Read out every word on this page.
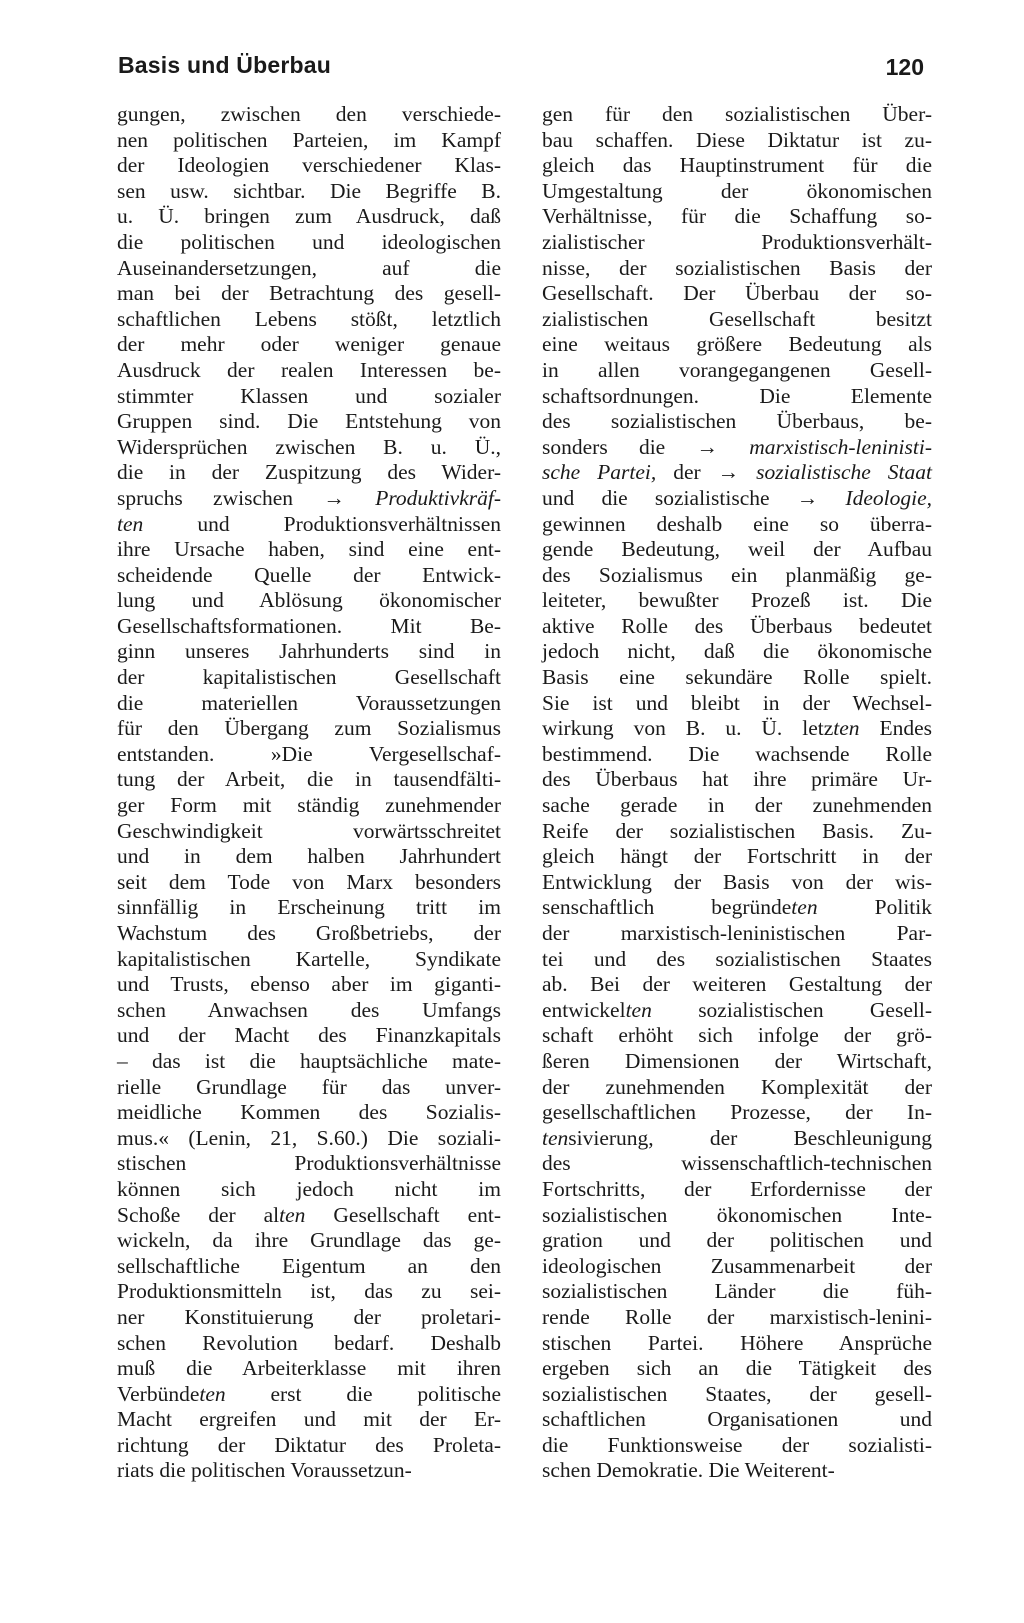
Basis und Überbau	120
gungen, zwischen den verschiede-
nen politischen Parteien, im Kampf
der Ideologien verschiedener Klas-
sen usw. sichtbar. Die Begriffe B.
u. Ü. bringen zum Ausdruck, daß
die politischen und ideologischen
Auseinandersetzungen, auf die
man bei der Betrachtung des gesell-
schaftlichen Lebens stößt, letztlich
der mehr oder weniger genaue
Ausdruck der realen Interessen be-
stimmter Klassen und sozialer
Gruppen sind. Die Entstehung von
Widersprüchen zwischen B. u. Ü.,
die in der Zuspitzung des Wider-
spruchs zwischen → Produktivkräf-
ten und Produktionsverhältnissen
ihre Ursache haben, sind eine ent-
scheidende Quelle der Entwick-
lung und Ablösung ökonomischer
Gesellschaftsformationen. Mit Be-
ginn unseres Jahrhunderts sind in
der kapitalistischen Gesellschaft
die materiellen Voraussetzungen
für den Übergang zum Sozialismus
entstanden. »Die Vergesellschaf-
tung der Arbeit, die in tausendfälti-
ger Form mit ständig zunehmender
Geschwindigkeit vorwärtsschreitet
und in dem halben Jahrhundert
seit dem Tode von Marx besonders
sinnfällig in Erscheinung tritt im
Wachstum des Großbetriebs, der
kapitalistischen Kartelle, Syndikate
und Trusts, ebenso aber im giganti-
schen Anwachsen des Umfangs
und der Macht des Finanzkapitals
– das ist die hauptsächliche mate-
rielle Grundlage für das unver-
meidliche Kommen des Sozialis-
mus.« (Lenin, 21, S.60.) Die soziali-
stischen Produktionsverhältnisse
können sich jedoch nicht im
Schoße der alten Gesellschaft ent-
wickeln, da ihre Grundlage das ge-
sellschaftliche Eigentum an den
Produktionsmitteln ist, das zu sei-
ner Konstituierung der proletari-
schen Revolution bedarf. Deshalb
muß die Arbeiterklasse mit ihren
Verbündeten erst die politische
Macht ergreifen und mit der Er-
richtung der Diktatur des Proleta-
riats die politischen Voraussetzun-
gen für den sozialistischen Über-
bau schaffen. Diese Diktatur ist zu-
gleich das Hauptinstrument für die
Umgestaltung der ökonomischen
Verhältnisse, für die Schaffung so-
zialistischer Produktionsverhält-
nisse, der sozialistischen Basis der
Gesellschaft. Der Überbau der so-
zialistischen Gesellschaft besitzt
eine weitaus größere Bedeutung als
in allen vorangegangenen Gesell-
schaftsordnungen. Die Elemente
des sozialistischen Überbaus, be-
sonders die → marxistisch-leninisti-
sche Partei, der → sozialistische Staat
und die sozialistische → Ideologie,
gewinnen deshalb eine so überra-
gende Bedeutung, weil der Aufbau
des Sozialismus ein planmäßig ge-
leiteter, bewußter Prozeß ist. Die
aktive Rolle des Überbaus bedeutet
jedoch nicht, daß die ökonomische
Basis eine sekundäre Rolle spielt.
Sie ist und bleibt in der Wechsel-
wirkung von B. u. Ü. letzten Endes
bestimmend. Die wachsende Rolle
des Überbaus hat ihre primäre Ur-
sache gerade in der zunehmenden
Reife der sozialistischen Basis. Zu-
gleich hängt der Fortschritt in der
Entwicklung der Basis von der wis-
senschaftlich begründeten Politik
der marxistisch-leninistischen Par-
tei und des sozialistischen Staates
ab. Bei der weiteren Gestaltung der
entwickelten sozialistischen Gesell-
schaft erhöht sich infolge der grö-
ßeren Dimensionen der Wirtschaft,
der zunehmenden Komplexität der
gesellschaftlichen Prozesse, der In-
tensivierung, der Beschleunigung
des wissenschaftlich-technischen
Fortschritts, der Erfordernisse der
sozialistischen ökonomischen Inte-
gration und der politischen und
ideologischen Zusammenarbeit der
sozialistischen Länder die füh-
rende Rolle der marxistisch-lenini-
stischen Partei. Höhere Ansprüche
ergeben sich an die Tätigkeit des
sozialistischen Staates, der gesell-
schaftlichen Organisationen und
die Funktionsweise der sozialisti-
schen Demokratie. Die Weiterent-
